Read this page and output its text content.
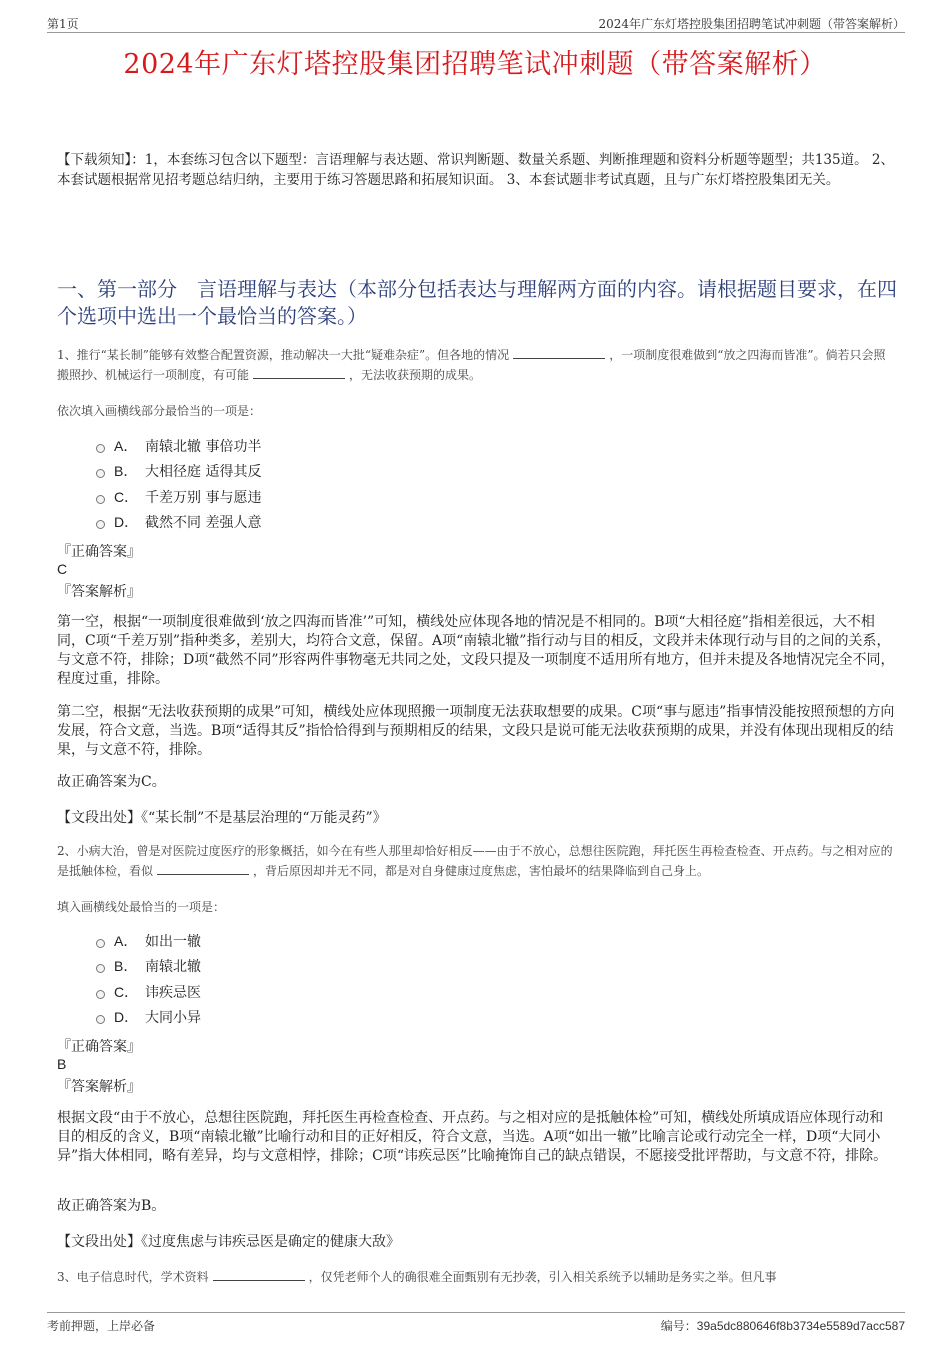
第1页	2024年广东灯塔控股集团招聘笔试冲刺题（带答案解析）
2024年广东灯塔控股集团招聘笔试冲刺题（带答案解析）
【下载须知】：1，本套练习包含以下题型：言语理解与表达题、常识判断题、数量关系题、判断推理题和资料分析题等题型；共135道。 2、本套试题根据常见招考题总结归纳，主要用于练习答题思路和拓展知识面。 3、本套试题非考试真题，且与广东灯塔控股集团无关。
一、第一部分　言语理解与表达（本部分包括表达与理解两方面的内容。请根据题目要求，在四个选项中选出一个最恰当的答案。）
1、推行“某长制”能够有效整合配置资源，推动解决一大批“疑难杂症”。但各地的情况	，一项制度很难做到“放之四海而皆准”。倘若只会照搬照抄、机械运行一项制度，有可能	，无法收获预期的成果。
依次填入画横线部分最恰当的一项是：
A． 南辕北辙 事倍功半
B． 大相径庭 适得其反
C． 千差万别 事与愿违
D． 截然不同 差强人意
『正确答案』
C
『答案解析』
第一空，根据“一项制度很难做到‘放之四海而皆准’”可知，横线处应体现各地的情况是不相同的。B项“大相径庭”指相差很远，大不相同，C项“千差万别”指种类多，差别大，均符合文意，保留。A项“南辕北辙”指行动与目的相反，文段并未体现行动与目的之间的关系，与文意不符，排除；D项“截然不同”形容两件事物毫无共同之处，文段只提及一项制度不适用所有地方，但并未提及各地情况完全不同，程度过重，排除。
第二空，根据“无法收获预期的成果”可知，横线处应体现照搬一项制度无法获取想要的成果。C项“事与愿违”指事情没能按照预想的方向发展，符合文意，当选。B项“适得其反”指恰恰得到与预期相反的结果，文段只是说可能无法收获预期的成果，并没有体现出现相反的结果，与文意不符，排除。
故正确答案为C。
【文段出处】《“某长制”不是基层治理的“万能灵药”》
2、小病大治，曾是对医院过度医疗的形象概括，如今在有些人那里却恰好相反——由于不放心，总想往医院跑，拜托医生再检查检查、开点药。与之相对应的是抵触体检，看似	，背后原因却并无不同，都是对自身健康过度焦虑，害怕最坏的结果降临到自己身上。
填入画横线处最恰当的一项是：
A． 如出一辙
B． 南辕北辙
C． 讳疾忌医
D． 大同小异
『正确答案』
B
『答案解析』
根据文段“由于不放心，总想往医院跑，拜托医生再检查检查、开点药。与之相对应的是抵触体检”可知，横线处所填成语应体现行动和目的相反的含义，B项“南辕北辙”比喻行动和目的正好相反，符合文意，当选。A项“如出一辙”比喻言论或行动完全一样，D项“大同小异”指大体相同，略有差异，均与文意相悖，排除；C项“讳疾忌医”比喻掩饰自己的缺点错误，不愿接受批评帮助，与文意不符，排除。
故正确答案为B。
【文段出处】《过度焦虑与讳疾忌医是确定的健康大敌》
3、电子信息时代，学术资料	，仅凭老师个人的确很难全面甄别有无抄袭，引入相关系统予以辅助是务实之举。但凡事
考前押题，上岸必备	编号：39a5dc880646f8b3734e5589d7acc587
